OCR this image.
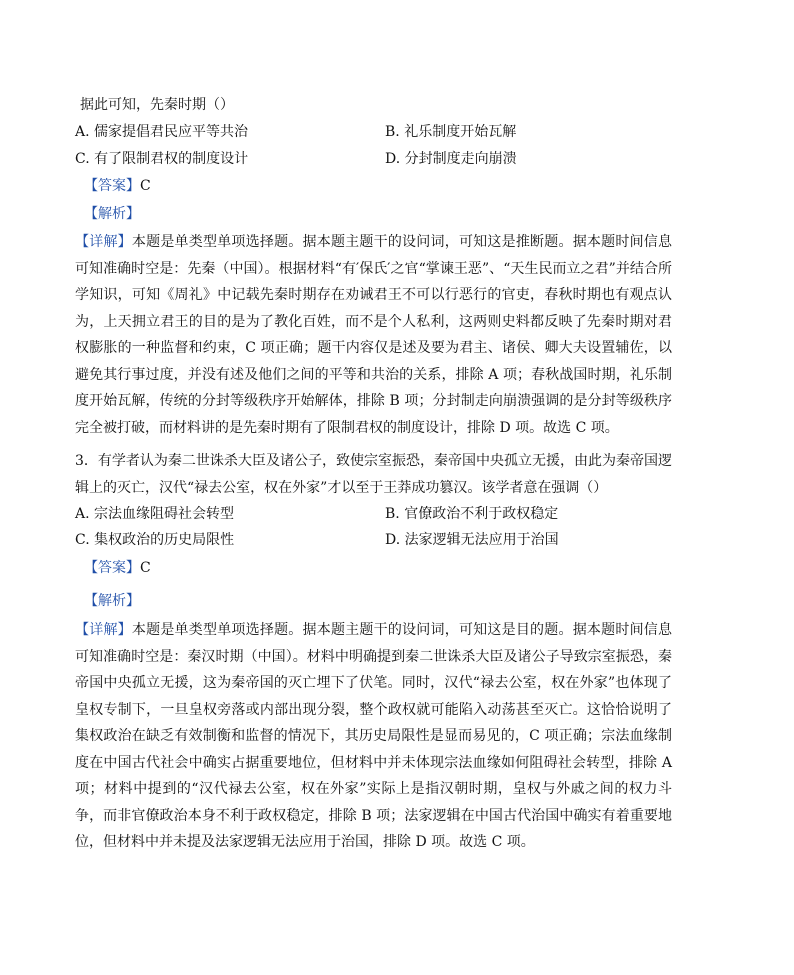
据此可知，先秦时期（）
A. 儒家提倡君民应平等共治	B. 礼乐制度开始瓦解
C. 有了限制君权的制度设计	D. 分封制度走向崩溃
【答案】C
【解析】
【详解】本题是单类型单项选择题。据本题主题干的设问词，可知这是推断题。据本题时间信息可知准确时空是：先秦（中国）。根据材料“有′保氏′之官“掌谏王恶”、“天生民而立之君”并结合所学知识，可知《周礼》中记载先秦时期存在劝诫君王不可以行恶行的官吏，春秋时期也有观点认为，上天拥立君王的目的是为了教化百姓，而不是个人私利，这两则史料都反映了先秦时期对君权膨胀的一种监督和约束，C 项正确；题干内容仅是述及要为君主、诸侯、卿大夫设置辅佐，以避免其行事过度，并没有述及他们之间的平等和共治的关系，排除 A 项；春秋战国时期，礼乐制度开始瓦解，传统的分封等级秩序开始解体，排除 B 项；分封制走向崩溃强调的是分封等级秩序完全被打破，而材料讲的是先秦时期有了限制君权的制度设计，排除 D 项。故选 C 项。
3．有学者认为秦二世诛杀大臣及诸公子，致使宗室振恐，秦帝国中央孤立无援，由此为秦帝国逻辑上的灭亡，汉代“禄去公室，权在外家”才以至于王莽成功篡汉。该学者意在强调（）
A. 宗法血缘阻碍社会转型	B. 官僚政治不利于政权稳定
C. 集权政治的历史局限性	D. 法家逻辑无法应用于治国
【答案】C
【解析】
【详解】本题是单类型单项选择题。据本题主题干的设问词，可知这是目的题。据本题时间信息可知准确时空是：秦汉时期（中国）。材料中明确提到秦二世诛杀大臣及诸公子导致宗室振恐，秦帝国中央孤立无援，这为秦帝国的灭亡埋下了伏笔。同时，汉代“禄去公室，权在外家”也体现了皇权专制下，一旦皇权旁落或内部出现分裂，整个政权就可能陷入动荡甚至灭亡。这恰恰说明了集权政治在缺乏有效制衡和监督的情况下，其历史局限性是显而易见的，C 项正确；宗法血缘制度在中国古代社会中确实占据重要地位，但材料中并未体现宗法血缘如何阻碍社会转型，排除 A 项；材料中提到的“汉代禄去公室，权在外家”实际上是指汉朝时期，皇权与外戚之间的权力斗争，而非官僚政治本身不利于政权稳定，排除 B 项；法家逻辑在中国古代治国中确实有着重要地位，但材料中并未提及法家逻辑无法应用于治国，排除 D 项。故选 C 项。
